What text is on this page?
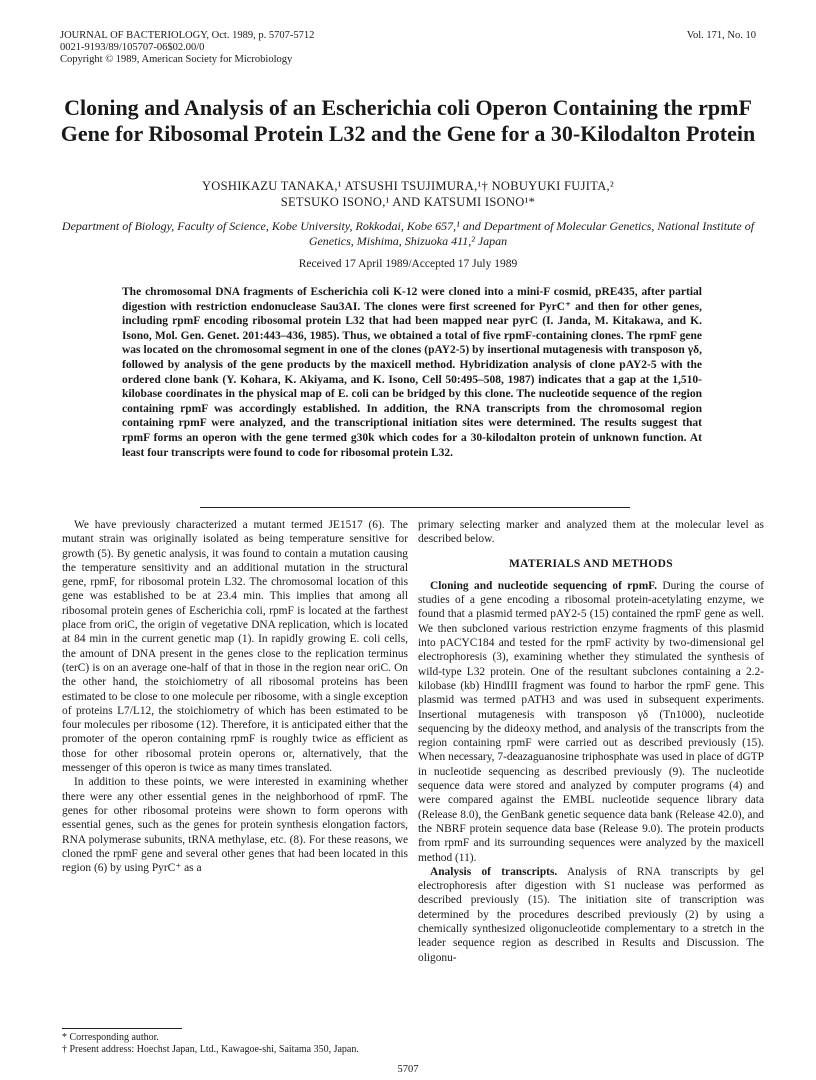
JOURNAL OF BACTERIOLOGY, Oct. 1989, p. 5707-5712
0021-9193/89/105707-06$02.00/0
Copyright © 1989, American Society for Microbiology
Vol. 171, No. 10
Cloning and Analysis of an Escherichia coli Operon Containing the rpmF Gene for Ribosomal Protein L32 and the Gene for a 30-Kilodalton Protein
YOSHIKAZU TANAKA,¹ ATSUSHI TSUJIMURA,¹† NOBUYUKI FUJITA,²
SETSUKO ISONO,¹ AND KATSUMI ISONO¹*
Department of Biology, Faculty of Science, Kobe University, Rokkodai, Kobe 657,¹ and Department of Molecular Genetics, National Institute of Genetics, Mishima, Shizuoka 411,² Japan
Received 17 April 1989/Accepted 17 July 1989
The chromosomal DNA fragments of Escherichia coli K-12 were cloned into a mini-F cosmid, pRE435, after partial digestion with restriction endonuclease Sau3AI. The clones were first screened for PyrC⁺ and then for other genes, including rpmF encoding ribosomal protein L32 that had been mapped near pyrC (I. Janda, M. Kitakawa, and K. Isono, Mol. Gen. Genet. 201:443–436, 1985). Thus, we obtained a total of five rpmF-containing clones. The rpmF gene was located on the chromosomal segment in one of the clones (pAY2-5) by insertional mutagenesis with transposon γδ, followed by analysis of the gene products by the maxicell method. Hybridization analysis of clone pAY2-5 with the ordered clone bank (Y. Kohara, K. Akiyama, and K. Isono, Cell 50:495–508, 1987) indicates that a gap at the 1,510-kilobase coordinates in the physical map of E. coli can be bridged by this clone. The nucleotide sequence of the region containing rpmF was accordingly established. In addition, the RNA transcripts from the chromosomal region containing rpmF were analyzed, and the transcriptional initiation sites were determined. The results suggest that rpmF forms an operon with the gene termed g30k which codes for a 30-kilodalton protein of unknown function. At least four transcripts were found to code for ribosomal protein L32.

We have previously characterized a mutant termed JE1517 (6). The mutant strain was originally isolated as being temperature sensitive for growth (5). By genetic analysis, it was found to contain a mutation causing the temperature sensitivity and an additional mutation in the structural gene, rpmF, for ribosomal protein L32. The chromosomal location of this gene was established to be at 23.4 min. This implies that among all ribosomal protein genes of Escherichia coli, rpmF is located at the farthest place from oriC, the origin of vegetative DNA replication, which is located at 84 min in the current genetic map (1). In rapidly growing E. coli cells, the amount of DNA present in the genes close to the replication terminus (terC) is on an average one-half of that in those in the region near oriC. On the other hand, the stoichiometry of all ribosomal proteins has been estimated to be close to one molecule per ribosome, with a single exception of proteins L7/L12, the stoichiometry of which has been estimated to be four molecules per ribosome (12). Therefore, it is anticipated either that the promoter of the operon containing rpmF is roughly twice as efficient as those for other ribosomal protein operons or, alternatively, that the messenger of this operon is twice as many times translated.

In addition to these points, we were interested in examining whether there were any other essential genes in the neighborhood of rpmF. The genes for other ribosomal proteins were shown to form operons with essential genes, such as the genes for protein synthesis elongation factors, RNA polymerase subunits, tRNA methylase, etc. (8). For these reasons, we cloned the rpmF gene and several other genes that had been located in this region (6) by using PyrC⁺ as a

primary selecting marker and analyzed them at the molecular level as described below.

MATERIALS AND METHODS

Cloning and nucleotide sequencing of rpmF. During the course of studies of a gene encoding a ribosomal protein-acetylating enzyme, we found that a plasmid termed pAY2-5 (15) contained the rpmF gene as well. We then subcloned various restriction enzyme fragments of this plasmid into pACYC184 and tested for the rpmF activity by two-dimensional gel electrophoresis (3), examining whether they stimulated the synthesis of wild-type L32 protein. One of the resultant subclones containing a 2.2-kilobase (kb) HindIII fragment was found to harbor the rpmF gene. This plasmid was termed pATH3 and was used in subsequent experiments. Insertional mutagenesis with transposon γδ (Tn1000), nucleotide sequencing by the dideoxy method, and analysis of the transcripts from the region containing rpmF were carried out as described previously (15). When necessary, 7-deazaguanosine triphosphate was used in place of dGTP in nucleotide sequencing as described previously (9). The nucleotide sequence data were stored and analyzed by computer programs (4) and were compared against the EMBL nucleotide sequence library data (Release 8.0), the GenBank genetic sequence data bank (Release 42.0), and the NBRF protein sequence data base (Release 9.0). The protein products from rpmF and its surrounding sequences were analyzed by the maxicell method (11).

Analysis of transcripts. Analysis of RNA transcripts by gel electrophoresis after digestion with S1 nuclease was performed as described previously (15). The initiation site of transcription was determined by the procedures described previously (2) by using a chemically synthesized oligonucleotide complementary to a stretch in the leader sequence region as described in Results and Discussion. The oligonu-

* Corresponding author.
† Present address: Hoechst Japan, Ltd., Kawagoe-shi, Saitama 350, Japan.
5707
